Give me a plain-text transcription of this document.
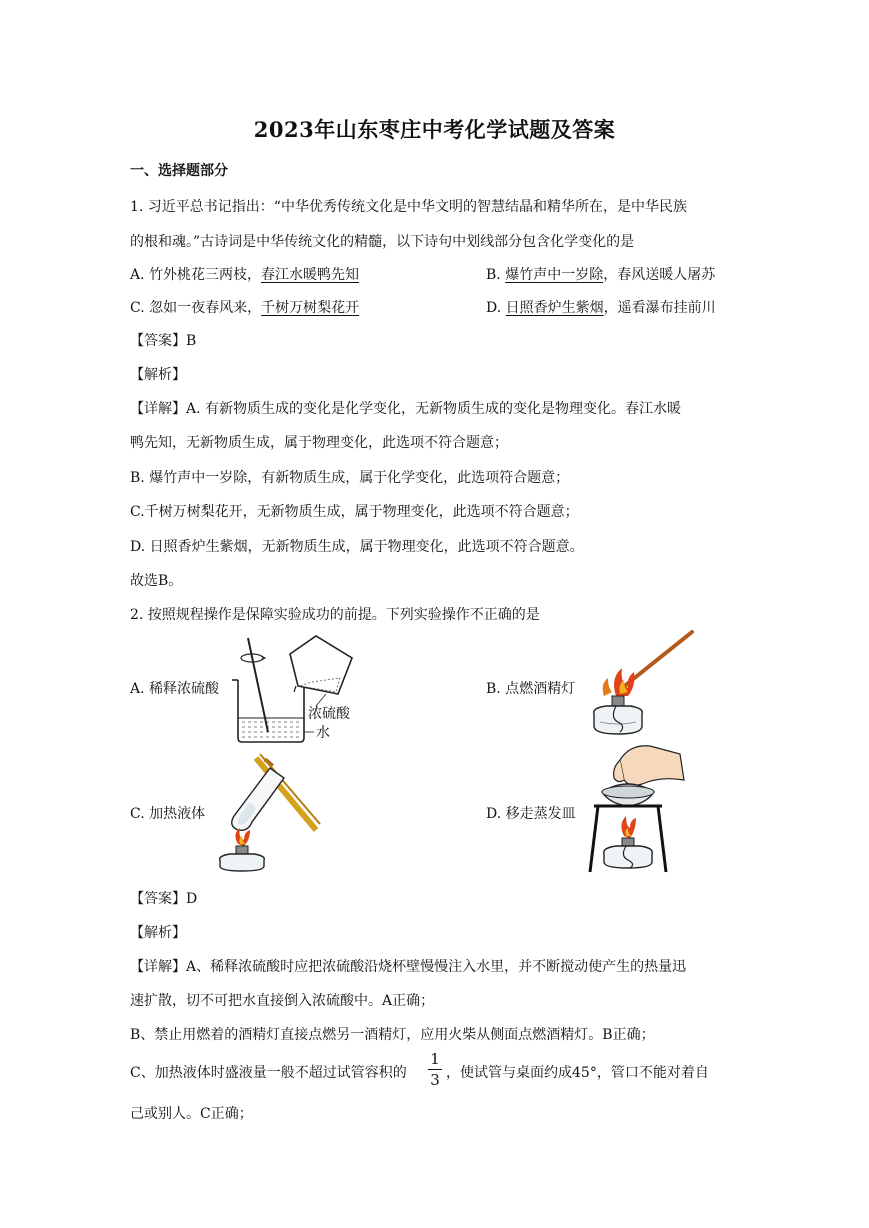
2023年山东枣庄中考化学试题及答案
一、选择题部分
1. 习近平总书记指出：“中华优秀传统文化是中华文明的智慧结晶和精华所在，是中华民族
的根和魂。”古诗词是中华传统文化的精髓，以下诗句中划线部分包含化学变化的是
A. 竹外桃花三两枝，春江水暖鸭先知	B. 爆竹声中一岁除，春风送暖人屠苏
C. 忽如一夜春风来，千树万树梨花开	D. 日照香炉生紫烟，遥看瀑布挂前川
【答案】B
【解析】
【详解】A. 有新物质生成的变化是化学变化，无新物质生成的变化是物理变化。春江水暖
鸭先知，无新物质生成，属于物理变化，此选项不符合题意；
B. 爆竹声中一岁除，有新物质生成，属于化学变化，此选项符合题意；
C.千树万树梨花开，无新物质生成，属于物理变化，此选项不符合题意；
D. 日照香炉生紫烟，无新物质生成，属于物理变化，此选项不符合题意。
故选B。
2. 按照规程操作是保障实验成功的前提。下列实验操作不正确的是
A. 稀释浓硫酸	B. 点燃酒精灯
C. 加热液体	D. 移走蒸发皿
浓硫酸
水
【答案】D
【解析】
【详解】A、稀释浓硫酸时应把浓硫酸沿烧杯壁慢慢注入水里，并不断搅动使产生的热量迅
速扩散，切不可把水直接倒入浓硫酸中。A正确；
B、禁止用燃着的酒精灯直接点燃另一酒精灯，应用火柴从侧面点燃酒精灯。B正确；
C、加热液体时盛液量一般不超过试管容积的
1
3 ，使试管与桌面约成45°，管口不能对着自
己或别人。C正确；
